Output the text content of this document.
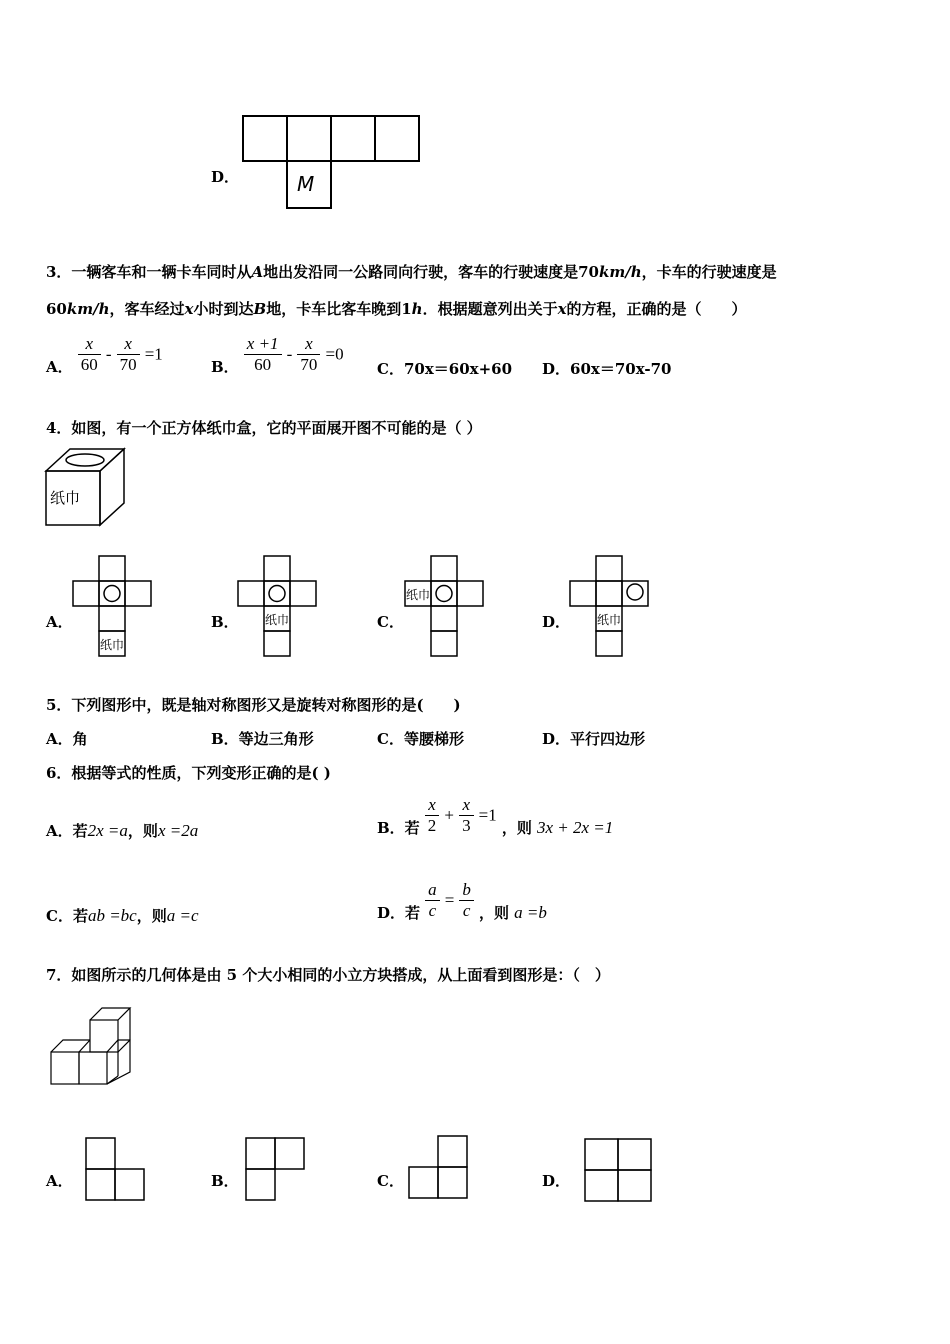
D．	M
3．一辆客车和一辆卡车同时从A地出发沿同一公路同向行驶，客车的行驶速度是70km/h，卡车的行驶速度是
60km/h，客车经过x小时到达B地，卡车比客车晚到1h．根据题意列出关于x的方程，正确的是（　　）
A． $\frac{x}{60} - \frac{x}{70} =1$
B． $\frac{x +1}{60} - \frac{x}{70} =0$
C．70x＝60x+60 D．60x＝70x-70
4．如图，有一个正方体纸巾盒，它的平面展开图不可能的是（ ）
纸巾
A．
纸巾
B． 纸巾	C．
纸巾
D． 纸巾
5．下列图形中，既是轴对称图形又是旋转对称图形的是(　　)
A．角	B．等边三角形	C．等腰梯形	D．平行四边形
6．根据等式的性质，下列变形正确的是( )
A．若2x =a，则x =2a	B．若 $\frac{x}{2} + \frac{x}{3} =1$ ，则 3x + 2x =1
C．若ab =bc，则a =c	D．若 $\frac{a}{c} = \frac{b}{c}$ ，则 a =b
7．如图所示的几何体是由 5 个大小相同的小立方块搭成，从上面看到图形是：（　）
A．	B．	C．	D．
